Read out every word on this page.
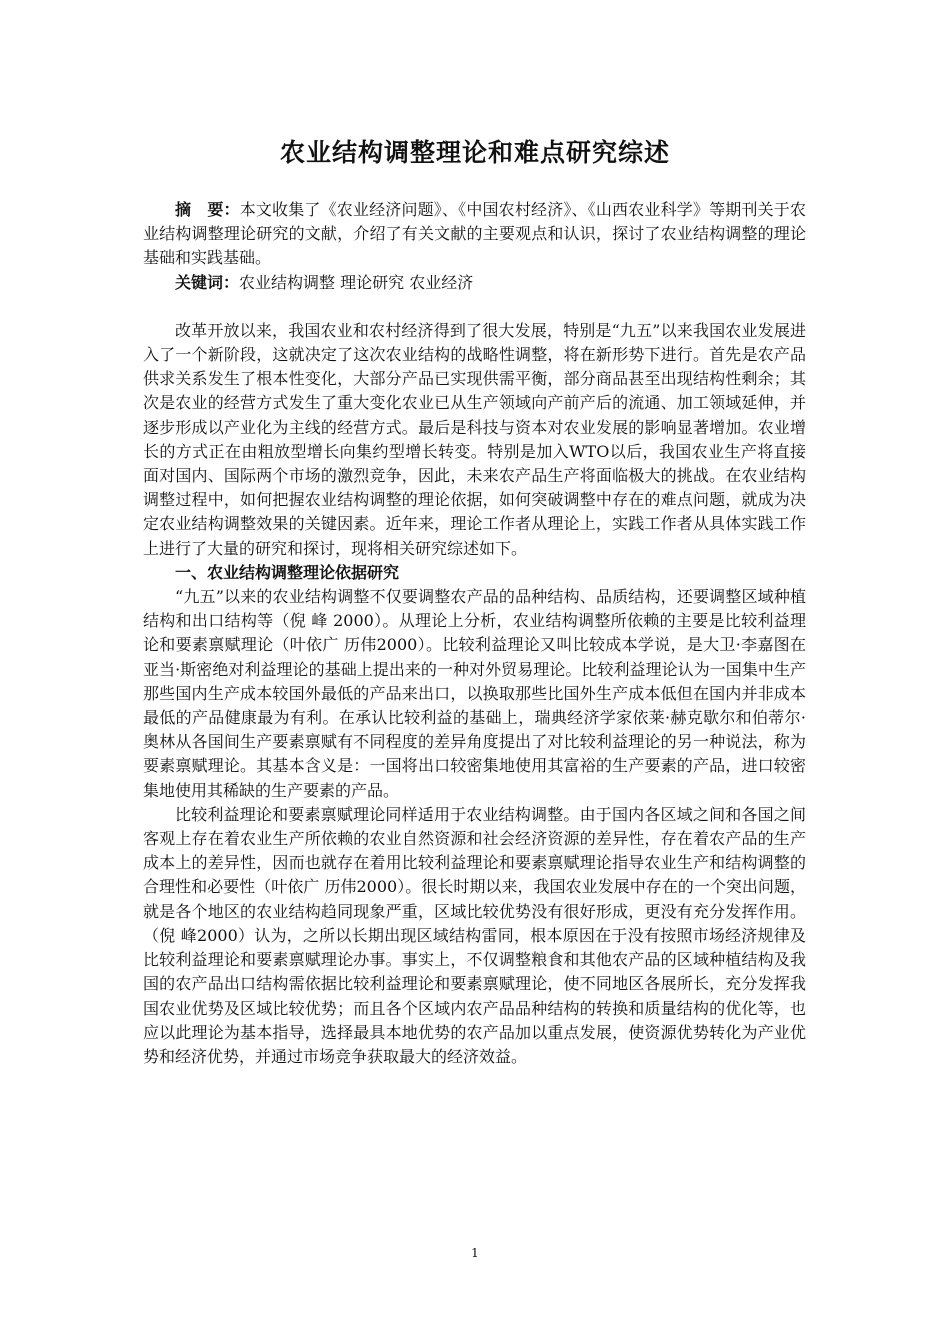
农业结构调整理论和难点研究综述

摘　要：本文收集了《农业经济问题》、《中国农村经济》、《山西农业科学》等期刊关于农业结构调整理论研究的文献，介绍了有关文献的主要观点和认识，探讨了农业结构调整的理论基础和实践基础。

关键词：农业结构调整 理论研究 农业经济

改革开放以来，我国农业和农村经济得到了很大发展，特别是“九五”以来我国农业发展进入了一个新阶段，这就决定了这次农业结构的战略性调整，将在新形势下进行。首先是农产品供求关系发生了根本性变化，大部分产品已实现供需平衡，部分商品甚至出现结构性剩余；其次是农业的经营方式发生了重大变化农业已从生产领域向产前产后的流通、加工领域延伸，并逐步形成以产业化为主线的经营方式。最后是科技与资本对农业发展的影响显著增加。农业增长的方式正在由粗放型增长向集约型增长转变。特别是加入WTO以后，我国农业生产将直接面对国内、国际两个市场的激烈竞争，因此，未来农产品生产将面临极大的挑战。在农业结构调整过程中，如何把握农业结构调整的理论依据，如何突破调整中存在的难点问题，就成为决定农业结构调整效果的关键因素。近年来，理论工作者从理论上，实践工作者从具体实践工作上进行了大量的研究和探讨，现将相关研究综述如下。

一、农业结构调整理论依据研究

“九五”以来的农业结构调整不仅要调整农产品的品种结构、品质结构，还要调整区域种植结构和出口结构等（倪 峰 2000）。从理论上分析，农业结构调整所依赖的主要是比较利益理论和要素禀赋理论（叶依广 历伟2000）。比较利益理论又叫比较成本学说，是大卫·李嘉图在亚当·斯密绝对利益理论的基础上提出来的一种对外贸易理论。比较利益理论认为一国集中生产那些国内生产成本较国外最低的产品来出口，以换取那些比国外生产成本低但在国内并非成本最低的产品健康最为有利。在承认比较利益的基础上，瑞典经济学家依莱·赫克歇尔和伯蒂尔·奥林从各国间生产要素禀赋有不同程度的差异角度提出了对比较利益理论的另一种说法，称为要素禀赋理论。其基本含义是：一国将出口较密集地使用其富裕的生产要素的产品，进口较密集地使用其稀缺的生产要素的产品。

比较利益理论和要素禀赋理论同样适用于农业结构调整。由于国内各区域之间和各国之间客观上存在着农业生产所依赖的农业自然资源和社会经济资源的差异性，存在着农产品的生产成本上的差异性，因而也就存在着用比较利益理论和要素禀赋理论指导农业生产和结构调整的合理性和必要性（叶依广 历伟2000）。很长时期以来，我国农业发展中存在的一个突出问题，就是各个地区的农业结构趋同现象严重，区域比较优势没有很好形成，更没有充分发挥作用。（倪 峰2000）认为，之所以长期出现区域结构雷同，根本原因在于没有按照市场经济规律及比较利益理论和要素禀赋理论办事。事实上，不仅调整粮食和其他农产品的区域种植结构及我国的农产品出口结构需依据比较利益理论和要素禀赋理论，使不同地区各展所长，充分发挥我国农业优势及区域比较优势；而且各个区域内农产品品种结构的转换和质量结构的优化等，也应以此理论为基本指导，选择最具本地优势的农产品加以重点发展，使资源优势转化为产业优势和经济优势，并通过市场竞争获取最大的经济效益。

1
